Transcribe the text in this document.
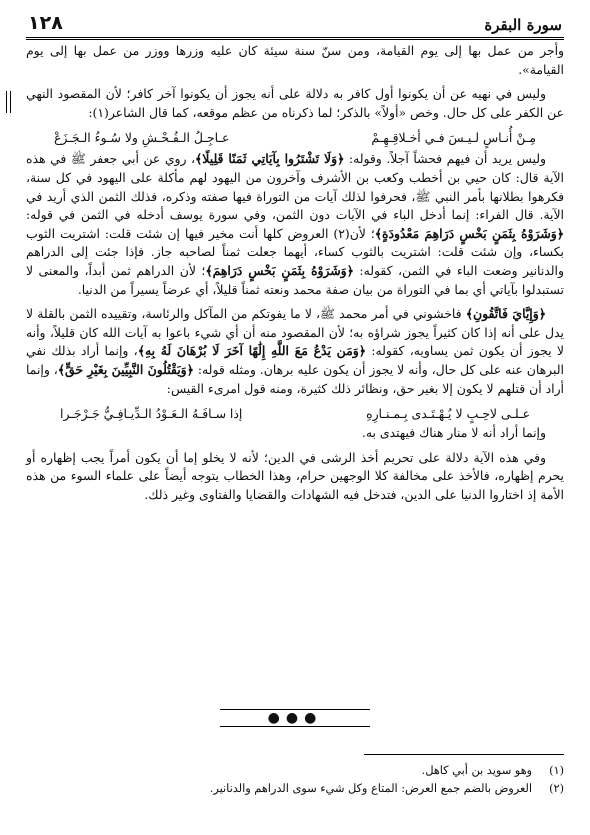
سورة البقرة
١٢٨

وأجر من عمل بها إلى يوم القيامة، ومن سنّ سنة سيئة كان عليه وزرها ووزر من عمل بها إلى يوم القيامة».

وليس في نهيه عن أن يكونوا أول كافر به دلالة على أنه يجوز أن يكونوا آخر كافر؛ لأن المقصود النهي عن الكفر على كل حال. وخص «أولاً» بالذكر؛ لما ذكرناه من عظم موقعه، كما قال الشاعر(١):

مِـنْ أُنـاسٍ لـيـسَ فـي أخـلاقِـهِـمْ
عـاجِـلُ الـفُـحْـشِ ولا سُـوءُ الـجَـزَعْ

وليس يريد أن فيهم فحشاً آجلاً. وقوله: ﴿وَلَا تَشْتَرُوا بِآيَاتِي ثَمَنًا قَلِيلًا﴾، روي عن أبي جعفر ﷺ في هذه الآية قال: كان حيي بن أخطب وكعب بن الأشرف وآخرون من اليهود لهم مأكلة على اليهود في كل سنة، فكرهوا بطلانها بأمر النبي ﷺ، فحرفوا لذلك آيات من التوراة فيها صفته وذكره، فذلك الثمن الذي أريد في الآية. قال الفراء: إنما أدخل الباء في الآيات دون الثمن، وفي سورة يوسف أدخله في الثمن في قوله: ﴿وَشَرَوْهُ بِثَمَنٍ بَخْسٍ دَرَاهِمَ مَعْدُودَةٍ﴾؛ لأن(٢) العروض كلها أنت مخير فيها إن شئت قلت: اشتريت الثوب بكساء، وإن شئت قلت: اشتريت بالثوب كساء، أيهما جعلت ثمناً لصاحبه جاز. فإذا جئت إلى الدراهم والدنانير وضعت الباء في الثمن، كقوله: ﴿وَشَرَوْهُ بِثَمَنٍ بَخْسٍ دَرَاهِمَ﴾؛ لأن الدراهم ثمن أبداً، والمعنى لا تستبدلوا بآياتي أي بما في التوراة من بيان صفة محمد ونعته ثمناً قليلاً، أي عرضاً يسيراً من الدنيا.

﴿وَإِيَّايَ فَاتَّقُونِ﴾ فاخشوني في أمر محمد ﷺ، لا ما يفوتكم من المآكل والرئاسة، وتقييده الثمن بالقلة لا يدل على أنه إذا كان كثيراً يجوز شراؤه به؛ لأن المقصود منه أن أي شيء باعوا به آيات الله كان قليلاً، وأنه لا يجوز أن يكون ثمن يساويه، كقوله: ﴿وَمَن يَدْعُ مَعَ اللَّهِ إِلَٰهًا آخَرَ لَا بُرْهَانَ لَهُ بِهِ﴾، وإنما أراد بذلك نفي البرهان عنه على كل حال، وأنه لا يجوز أن يكون عليه برهان. ومثله قوله: ﴿وَيَقْتُلُونَ النَّبِيِّينَ بِغَيْرِ حَقٍّ﴾، وإنما أراد أن قتلهم لا يكون إلا بغير حق، ونظائر ذلك كثيرة، ومنه قول امرىء القيس:

عـلـى لاحِـبٍ لا يُـهْـتَـدى بِـمـنـارِهِ
إذا سـافَـهُ الـعَـوْدُ الـدِّيـافِـيُّ جَـرْجَـرا

وإنما أراد أنه لا منار هناك فيهتدى به.

وفي هذه الآية دلالة على تحريم أخذ الرشى في الدين؛ لأنه لا يخلو إما أن يكون أمراً يجب إظهاره أو يحرم إظهاره، فالأخذ على مخالفة كلا الوجهين حرام، وهذا الخطاب يتوجه أيضاً على علماء السوء من هذه الأمة إذ اختاروا الدنيا على الدين، فتدخل فيه الشهادات والقضايا والفتاوى وغير ذلك.

●●●
(١)
وهو سويد بن أبي كاهل.
(٢)
العروض بالضم جمع العرض: المتاع وكل شيء سوى الدراهم والدنانير.
